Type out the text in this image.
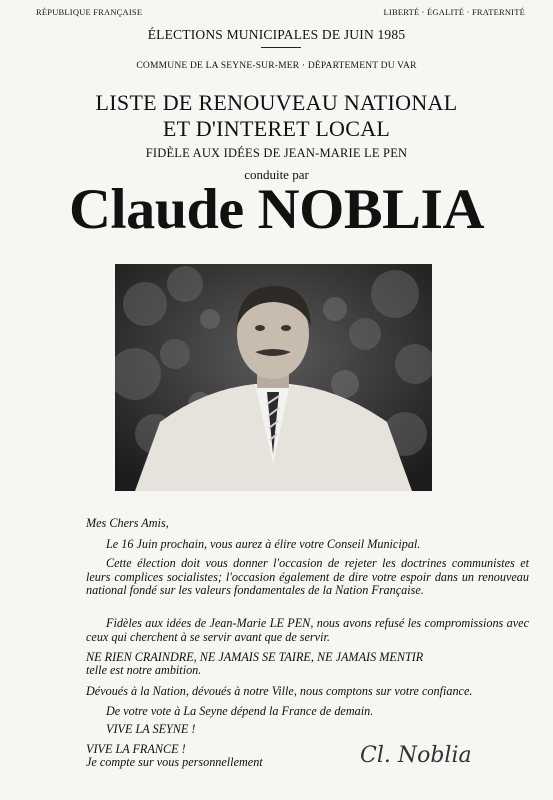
RÉPUBLIQUE FRANÇAISE	LIBERTÉ · ÉGALITÉ · FRATERNITÉ
ÉLECTIONS MUNICIPALES DE JUIN 1985
COMMUNE DE LA SEYNE-SUR-MER · DÉPARTEMENT DU VAR
LISTE DE RENOUVEAU NATIONAL
ET D'INTERET LOCAL
FIDÈLE AUX IDÉES DE JEAN-MARIE LE PEN
conduite par
Claude NOBLIA
Mes Chers Amis,
Le 16 Juin prochain, vous aurez à élire votre Conseil Municipal.
Cette élection doit vous donner l'occasion de rejeter les doctrines communistes et leurs complices socialistes; l'occasion également de dire votre espoir dans un renouveau national fondé sur les valeurs fondamentales de la Nation Française.
Fidèles aux idées de Jean-Marie LE PEN, nous avons refusé les compromissions avec ceux qui cherchent à se servir avant que de servir.
NE RIEN CRAINDRE, NE JAMAIS SE TAIRE, NE JAMAIS MENTIR
telle est notre ambition.
Dévoués à la Nation, dévoués à notre Ville, nous comptons sur votre confiance.
De votre vote à La Seyne dépend la France de demain.
VIVE LA SEYNE !
VIVE LA FRANCE !
Je compte sur vous personnellement	Cl. Noblia
